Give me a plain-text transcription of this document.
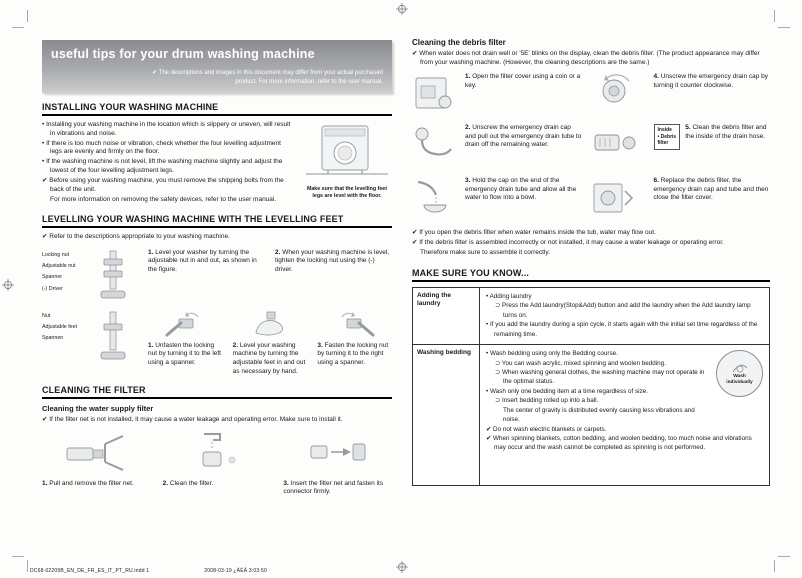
useful tips for your drum washing machine
✔ The descriptions and images in this document may differ from your actual purchased product. For more information, refer to the user manual.
INSTALLING YOUR WASHING MACHINE
Make sure that the levelling feet legs are level with the floor.
• Installing your washing machine in the location which is slippery or uneven, will result in vibrations and noise.
• If there is too much noise or vibration, check whether the four levelling adjustment legs are evenly and firmly on the floor.
• If the washing machine is not level, lift the washing machine slightly and adjust the lowest of the four levelling adjustment legs.
✔ Before using your washing machine, you must remove the shipping bolts from the back of the unit.
For more information on removing the safety devices, refer to the user manual.
LEVELLING YOUR WASHING MACHINE WITH THE LEVELLING FEET
✔ Refer to the descriptions appropriate to your washing machine.
Locking nut
Adjustable nut
Spanner
(-) Driver
1. Level your washer by turning the adjustable nut in and out, as shown in the figure.
2. When your washing machine is level, tighten the locking nut using the (-) driver.
Nut
Adjustable feet
Spannen
1. Unfasten the locking nut by turning it to the left using a spanner.
2. Level your washing machine by turning the adjustable feet in and out as necessary by hand.
3. Fasten the locking nut by turning it to the right using a spanner.
CLEANING THE FILTER
Cleaning the water supply filter
✔ If the filter net is not installed, it may cause a water leakage and operating error. Make sure to install it.
1. Pull and remove the filter net.	2. Clean the filter.	3. Insert the filter net and fasten its connector firmly.
Cleaning the debris filter
✔ When water does not drain well or '5E' blinks on the display, clean the debris filter. (The product appearance may differ from your washing machine. (However, the cleaning descriptions are the same.)
1. Open the filter cover using a coin or a key.
4. Unscrew the emergency drain cap by turning it counter clockwise.
2. Unscrew the emergency drain cap and pull out the emergency drain tube to drain off the remaining water.
Inside
• Debris
filter
5. Clean the debris filter and the inside of the drain hose.
3. Hold the cap on the end of the emergency drain tube and allow all the water to flow into a bowl.
6. Replace the debris filter, the emergency drain cap and tube and then close the filter cover.
✔ If you open the debris filter when water remains inside the tub, water may flow out.
✔ If the debris filter is assembled incorrectly or not installed, it may cause a water leakage or operating error.
Therefore make sure to assemble it correctly.
MAKE SURE YOU KNOW...
Adding the laundry
• Adding laundry
⊃ Press the Add laundry(Stop&Add) button and add the laundry when the Add laundry lamp turns on.
• If you add the laundry during a spin cycle, it starts again with the initial set time regardless of the remaining time.
Washing bedding	• Wash bedding using only the Bedding course.
⊃ You can wash acrylic, mixed spinning and woolen bedding.
⊃ When washing general clothes, the washing machine may not operate in the optimal status.
• Wash only one bedding item at a time regardless of size.
⊃ Insert bedding rolled up into a ball.
The center of gravity is distributed evenly causing less vibrations and noise.
✔ Do not wash electric blankets or carpets.
✔ When spinning blankets, cotton bedding, and woolen bedding, too much noise and vibrations may occur and the wash cannot be completed as spinning is not performed.
Wash individually
DC68-02209B_EN_DE_FR_ES_IT_PT_RU.indd 1	2008-03-19 ¿ÀÈÄ 3:03:50
